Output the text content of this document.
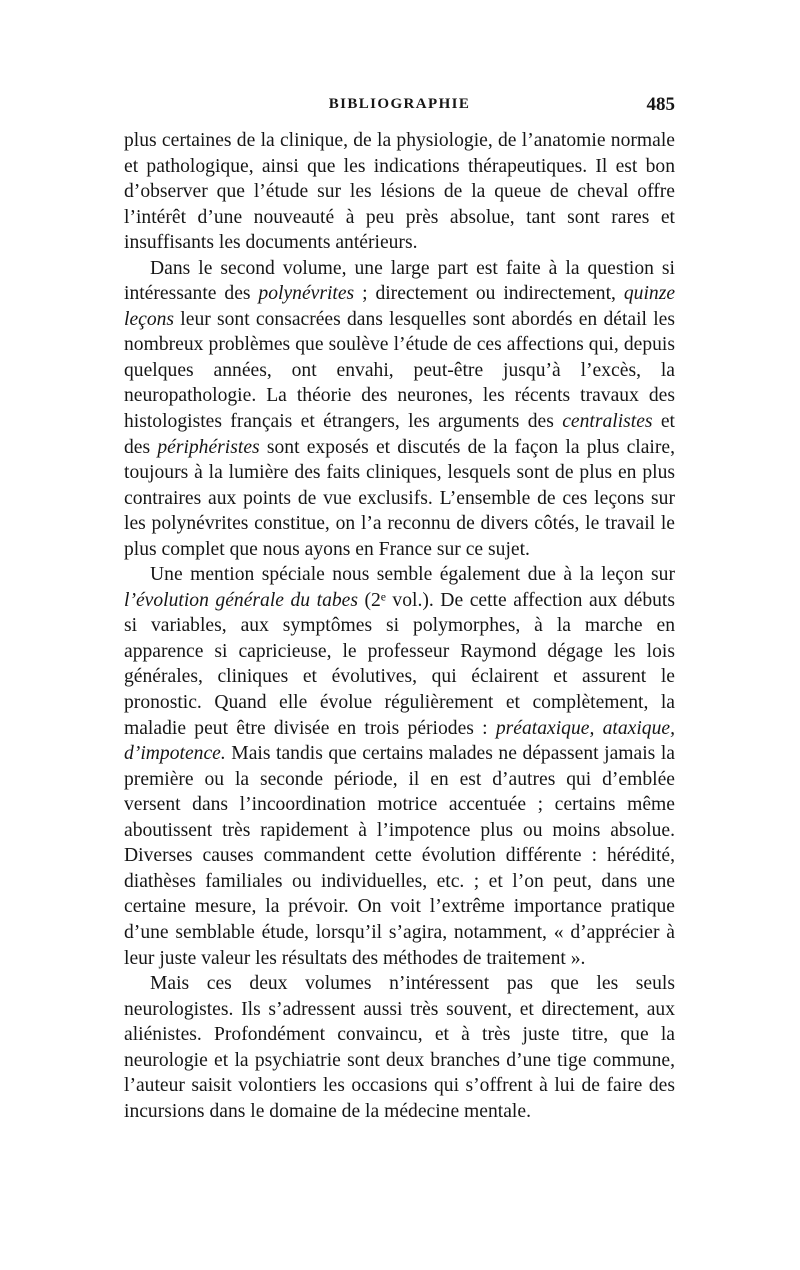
BIBLIOGRAPHIE	485

plus certaines de la clinique, de la physiologie, de l’anatomie normale et pathologique, ainsi que les indications thérapeutiques. Il est bon d’observer que l’étude sur les lésions de la queue de cheval offre l’intérêt d’une nouveauté à peu près absolue, tant sont rares et insuffisants les documents antérieurs.

Dans le second volume, une large part est faite à la question si intéressante des polynévrites ; directement ou indirectement, quinze leçons leur sont consacrées dans lesquelles sont abordés en détail les nombreux problèmes que soulève l’étude de ces affections qui, depuis quelques années, ont envahi, peut-être jusqu’à l’excès, la neuropathologie. La théorie des neurones, les récents travaux des histologistes français et étrangers, les arguments des centralistes et des périphéristes sont exposés et discutés de la façon la plus claire, toujours à la lumière des faits cliniques, lesquels sont de plus en plus contraires aux points de vue exclusifs. L’ensemble de ces leçons sur les polynévrites constitue, on l’a reconnu de divers côtés, le travail le plus complet que nous ayons en France sur ce sujet.

Une mention spéciale nous semble également due à la leçon sur l’évolution générale du tabes (2ᵉ vol.). De cette affection aux débuts si variables, aux symptômes si polymorphes, à la marche en apparence si capricieuse, le professeur Raymond dégage les lois générales, cliniques et évolutives, qui éclairent et assurent le pronostic. Quand elle évolue régulièrement et complètement, la maladie peut être divisée en trois périodes : préataxique, ataxique, d’impotence. Mais tandis que certains malades ne dépassent jamais la première ou la seconde période, il en est d’autres qui d’emblée versent dans l’incoordination motrice accentuée ; certains même aboutissent très rapidement à l’impotence plus ou moins absolue. Diverses causes commandent cette évolution différente : hérédité, diathèses familiales ou individuelles, etc. ; et l’on peut, dans une certaine mesure, la prévoir. On voit l’extrême importance pratique d’une semblable étude, lorsqu’il s’agira, notamment, « d’apprécier à leur juste valeur les résultats des méthodes de traitement ».

Mais ces deux volumes n’intéressent pas que les seuls neurologistes. Ils s’adressent aussi très souvent, et directement, aux aliénistes. Profondément convaincu, et à très juste titre, que la neurologie et la psychiatrie sont deux branches d’une tige commune, l’auteur saisit volontiers les occasions qui s’offrent à lui de faire des incursions dans le domaine de la médecine mentale.
